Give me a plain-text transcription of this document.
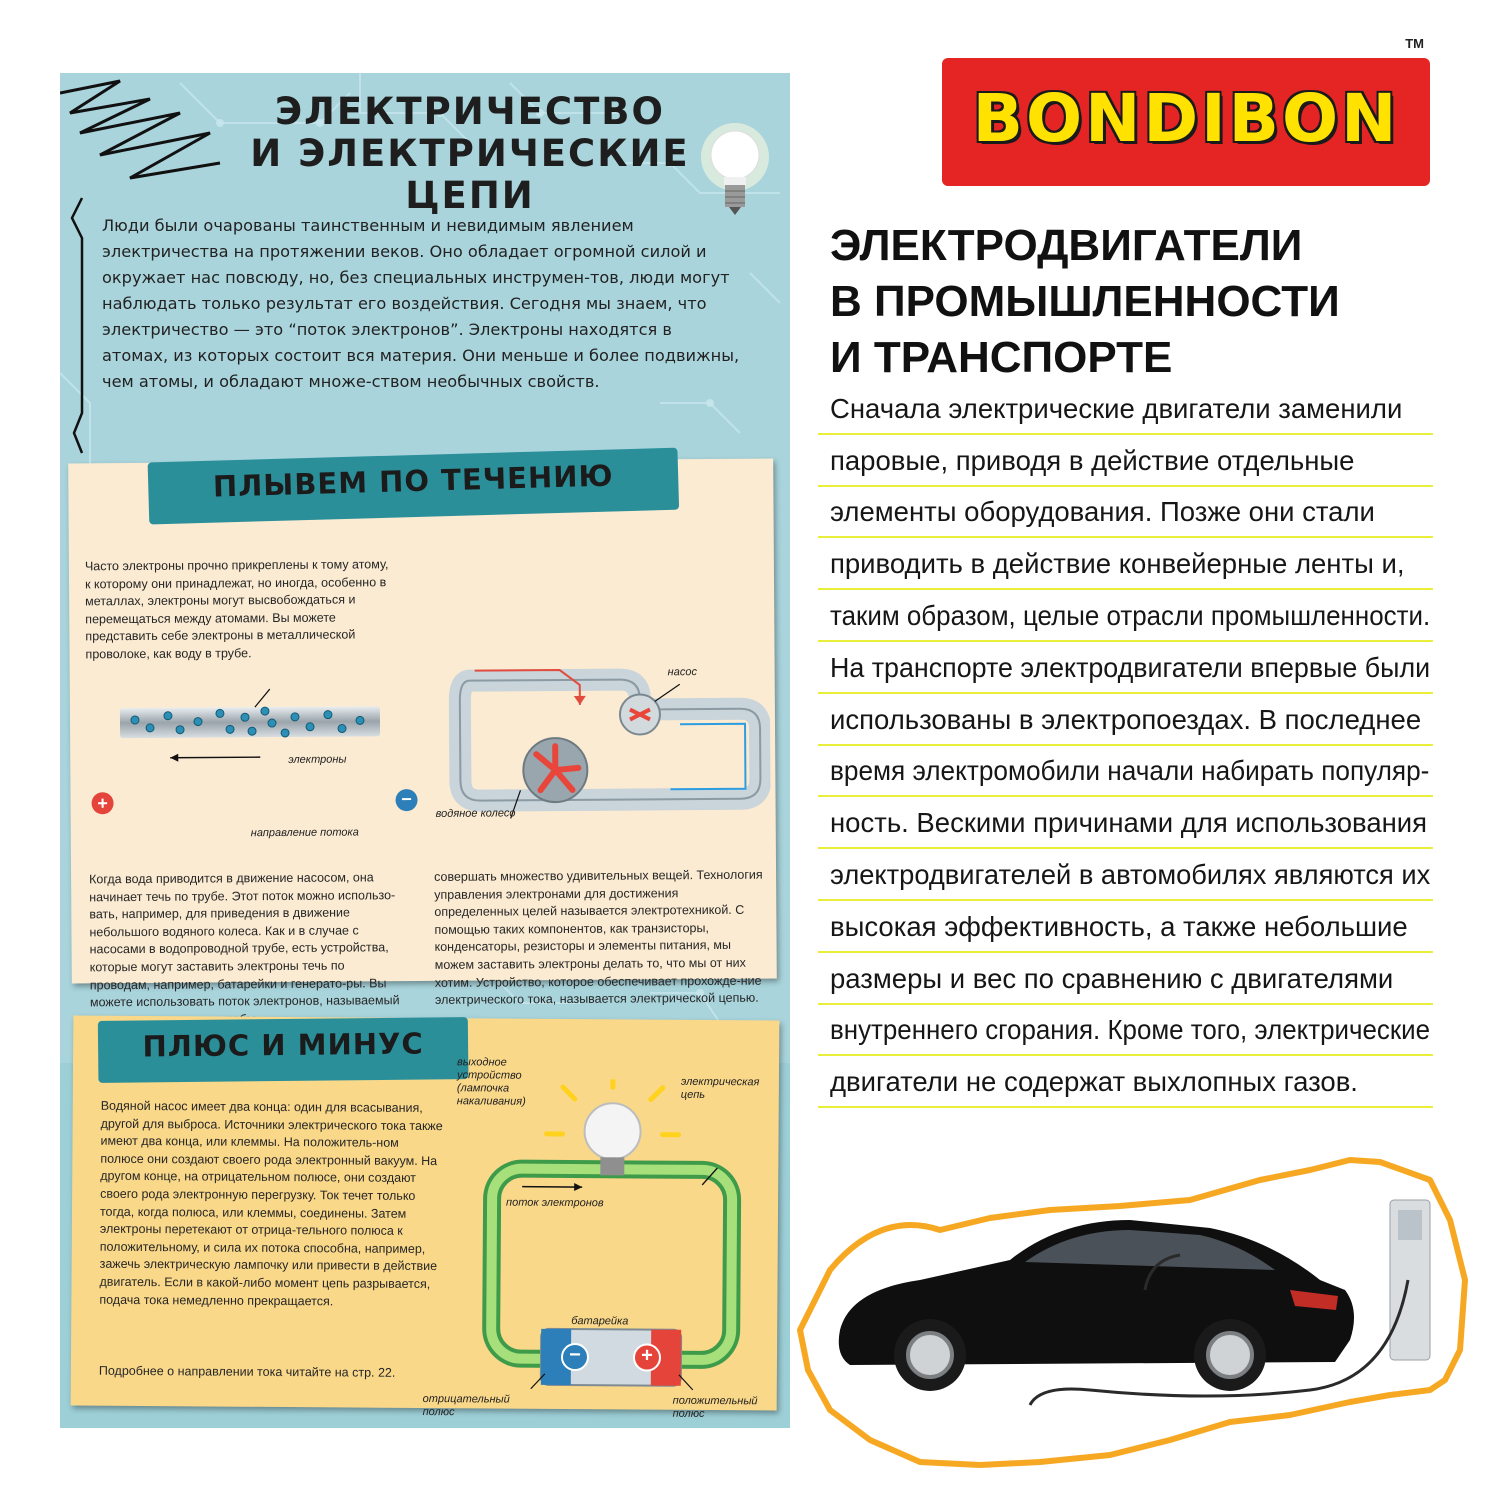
ЭЛЕКТРИЧЕСТВО
И ЭЛЕКТРИЧЕСКИЕ ЦЕПИ
Люди были очарованы таинственным и невидимым явлением электричества на протяжении веков. Оно обладает огромной силой и окружает нас повсюду, но, без специальных инструмен-тов, люди могут наблюдать только результат его воздействия. Сегодня мы знаем, что электричество — это “поток электронов”. Электроны находятся в атомах, из которых состоит вся материя. Они меньше и более подвижны, чем атомы, и обладают множе-ством необычных свойств.
ПЛЫВЕМ ПО ТЕЧЕНИЮ
Часто электроны прочно прикреплены к тому атому, к которому они принадлежат, но иногда, особенно в металлах, электроны могут высвобождаться и перемещаться между атомами. Вы можете представить себе электроны в металлической проволоке, как воду в трубе.
+	−
электроны
направление потока
насос
водяное колесо
Когда вода приводится в движение насосом, она начинает течь по трубе. Этот поток можно использо-вать, например, для приведения в движение небольшого водяного колеса. Как и в случае с насосами в водопроводной трубе, есть устройства, которые могут заставить электроны течь по проводам, например, батарейки и генерато-ры. Вы можете использовать поток электронов, называемый
совершать множество удивительных вещей. Технология управления электронами для достижения определенных целей называется электротехникой. С помощью таких компонентов, как транзисторы, конденсаторы, резисторы и элементы питания, мы можем заставить электроны делать то, что мы от них хотим. Устройство, которое обеспечивает прохожде-ние электрического тока, называется электрической цепью.
ПЛЮС И МИНУС
Водяной насос имеет два конца: один для всасывания, другой для выброса. Источники электрического тока также имеют два конца, или клеммы. На положитель-ном полюсе они создают своего рода электронный вакуум. На другом конце, на отрицательном полюсе, они создают своего рода электронную перегрузку. Ток течет только тогда, когда полюса, или клеммы, соединены. Затем электроны перетекают от отрица-тельного полюса к положительному, и сила их потока способна, например, зажечь электрическую лампочку или привести в действие двигатель. Если в какой-либо момент цепь разрывается, подача тока немедленно прекращается.
Подробнее о направлении тока читайте на стр. 22.
−	+
выходное устройство (лампочка накаливания)
электрическая цепь
поток электронов
батарейка
отрицательный полюс
положительный полюс
BONDIBON
TM
ЭЛЕКТРОДВИГАТЕЛИ
В ПРОМЫШЛЕННОСТИ
И ТРАНСПОРТЕ
Сначала электрические двигатели заменили
паровые, приводя в действие отдельные
элементы оборудования. Позже они стали
приводить в действие конвейерные ленты и,
таким образом, целые отрасли промышленности.
На транспорте электродвигатели впервые были
использованы в электропоездах. В последнее
время электромобили начали набирать популяр-
ность. Вескими причинами для использования
электродвигателей в автомобилях являются их
высокая эффективность, а также небольшие
размеры и вес по сравнению с двигателями
внутреннего сгорания. Кроме того, электрические
двигатели не содержат выхлопных газов.
